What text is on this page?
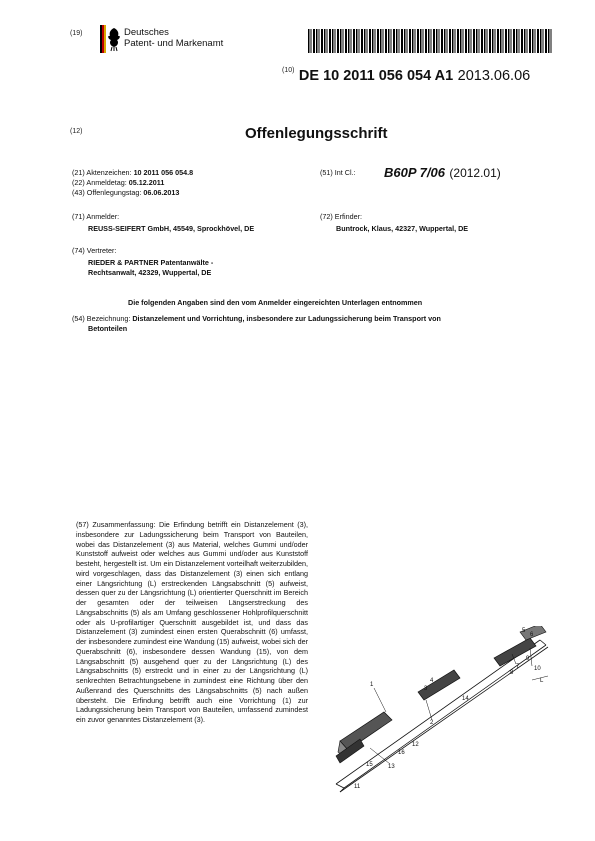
(19)	Deutsches
Patent- und Markenamt
$^{(10)}$ DE 10 2011 056 054 A1 2013.06.06
(12)	Offenlegungsschrift
(21) Aktenzeichen: 10 2011 056 054.8
(22) Anmeldetag: 05.12.2011
(43) Offenlegungstag: 06.06.2013
(51) Int Cl.: B60P 7/06 (2012.01)
(71) Anmelder:
REUSS-SEIFERT GmbH, 45549, Sprockhövel, DE
(72) Erfinder:
Buntrock, Klaus, 42327, Wuppertal, DE
(74) Vertreter:
RIEDER & PARTNER Patentanwälte -
Rechtsanwalt, 42329, Wuppertal, DE
Die folgenden Angaben sind den vom Anmelder eingereichten Unterlagen entnommen
(54) Bezeichnung: Distanzelement und Vorrichtung, insbesondere zur Ladungssicherung beim Transport von
Betonteilen
(57) Zusammenfassung: Die Erfindung betrifft ein Distanzelement (3), insbesondere zur Ladungssicherung beim Transport von Bauteilen, wobei das Distanzelement (3) aus Material, welches Gummi und/oder Kunststoff aufweist oder welches aus Gummi und/oder aus Kunststoff besteht, hergestellt ist. Um ein Distanzelement vorteilhaft weiterzubilden, wird vorgeschlagen, dass das Distanzelement (3) einen sich entlang einer Längsrichtung (L) erstreckenden Längsabschnitt (5) aufweist, dessen quer zu der Längsrichtung (L) orientierter Querschnitt im Bereich der gesamten oder der teilweisen Längserstreckung des Längsabschnitts (5) als am Umfang geschlossener Hohlprofilquerschnitt oder als U-profilartiger Querschnitt ausgebildet ist, und dass das Distanzelement (3) zumindest einen ersten Querabschnitt (6) umfasst, der insbesondere zumindest eine Wandung (15) aufweist, wobei sich der Querabschnitt (6), insbesondere dessen Wandung (15), von dem Längsabschnitt (5) ausgehend quer zu der Längsrichtung (L) des Längsabschnitts (5) erstreckt und in einer zu der Längsrichtung (L) senkrechten Betrachtungsebene in zumindest eine Richtung über den Außenrand des Querschnitts des Längsabschnitts (5) nach außen übersteht. Die Erfindung betrifft auch eine Vorrichtung (1) zur Ladungssicherung beim Transport von Bauteilen, umfassend zumindest ein zuvor genanntes Distanzelement (3).
1
2
3
4
5
6
7
8
9
10
11
12
13
14
15
16
L
